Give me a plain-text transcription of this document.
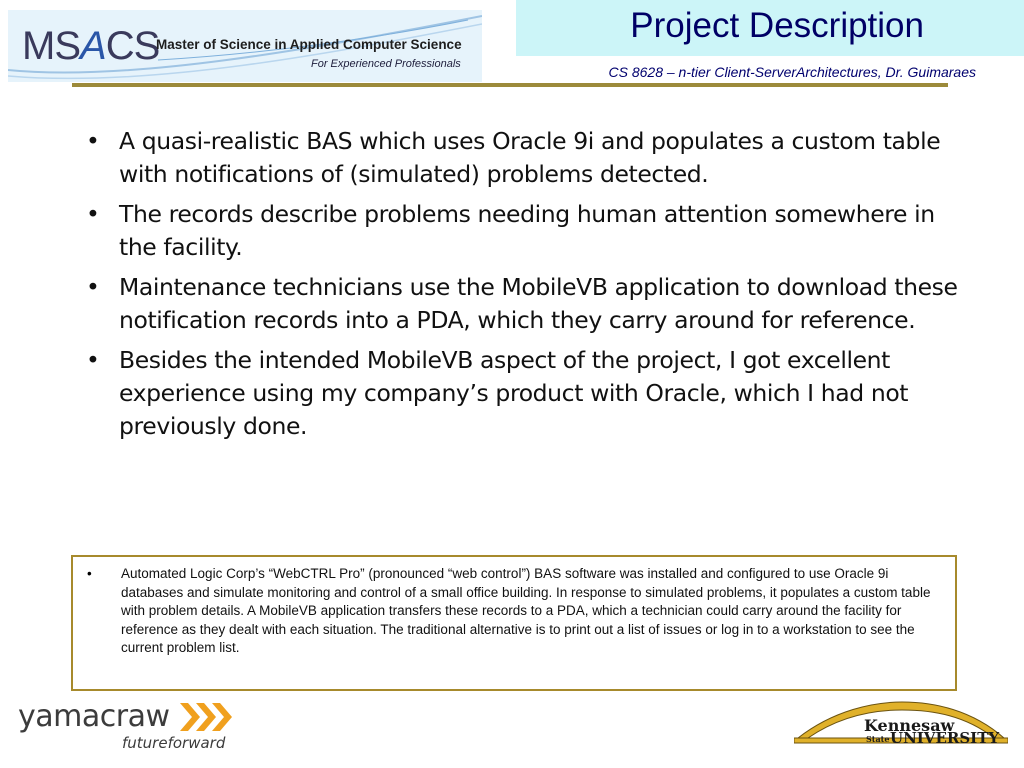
MSACS
Master of Science in Applied Computer Science
For Experienced Professionals
Project Description
CS 8628 – n-tier Client-ServerArchitectures, Dr. Guimaraes
• A quasi-realistic BAS which uses Oracle 9i and populates a custom table with notifications of (simulated) problems detected.
• The records describe problems needing human attention somewhere in the facility.
• Maintenance technicians use the MobileVB application to download these notification records into a PDA, which they carry around for reference.
• Besides the intended MobileVB aspect of the project, I got excellent experience using my company’s product with Oracle, which I had not previously done.
• Automated Logic Corp’s “WebCTRL Pro” (pronounced “web control”) BAS software was installed and configured to use Oracle 9i databases and simulate monitoring and control of a small office building. In response to simulated problems, it populates a custom table with problem details. A MobileVB application transfers these records to a PDA, which a technician could carry around the facility for reference as they dealt with each situation. The traditional alternative is to print out a list of issues or log in to a workstation to see the current problem list.
yamacraw
futureforward
Kennesaw
State UNIVERSITY
